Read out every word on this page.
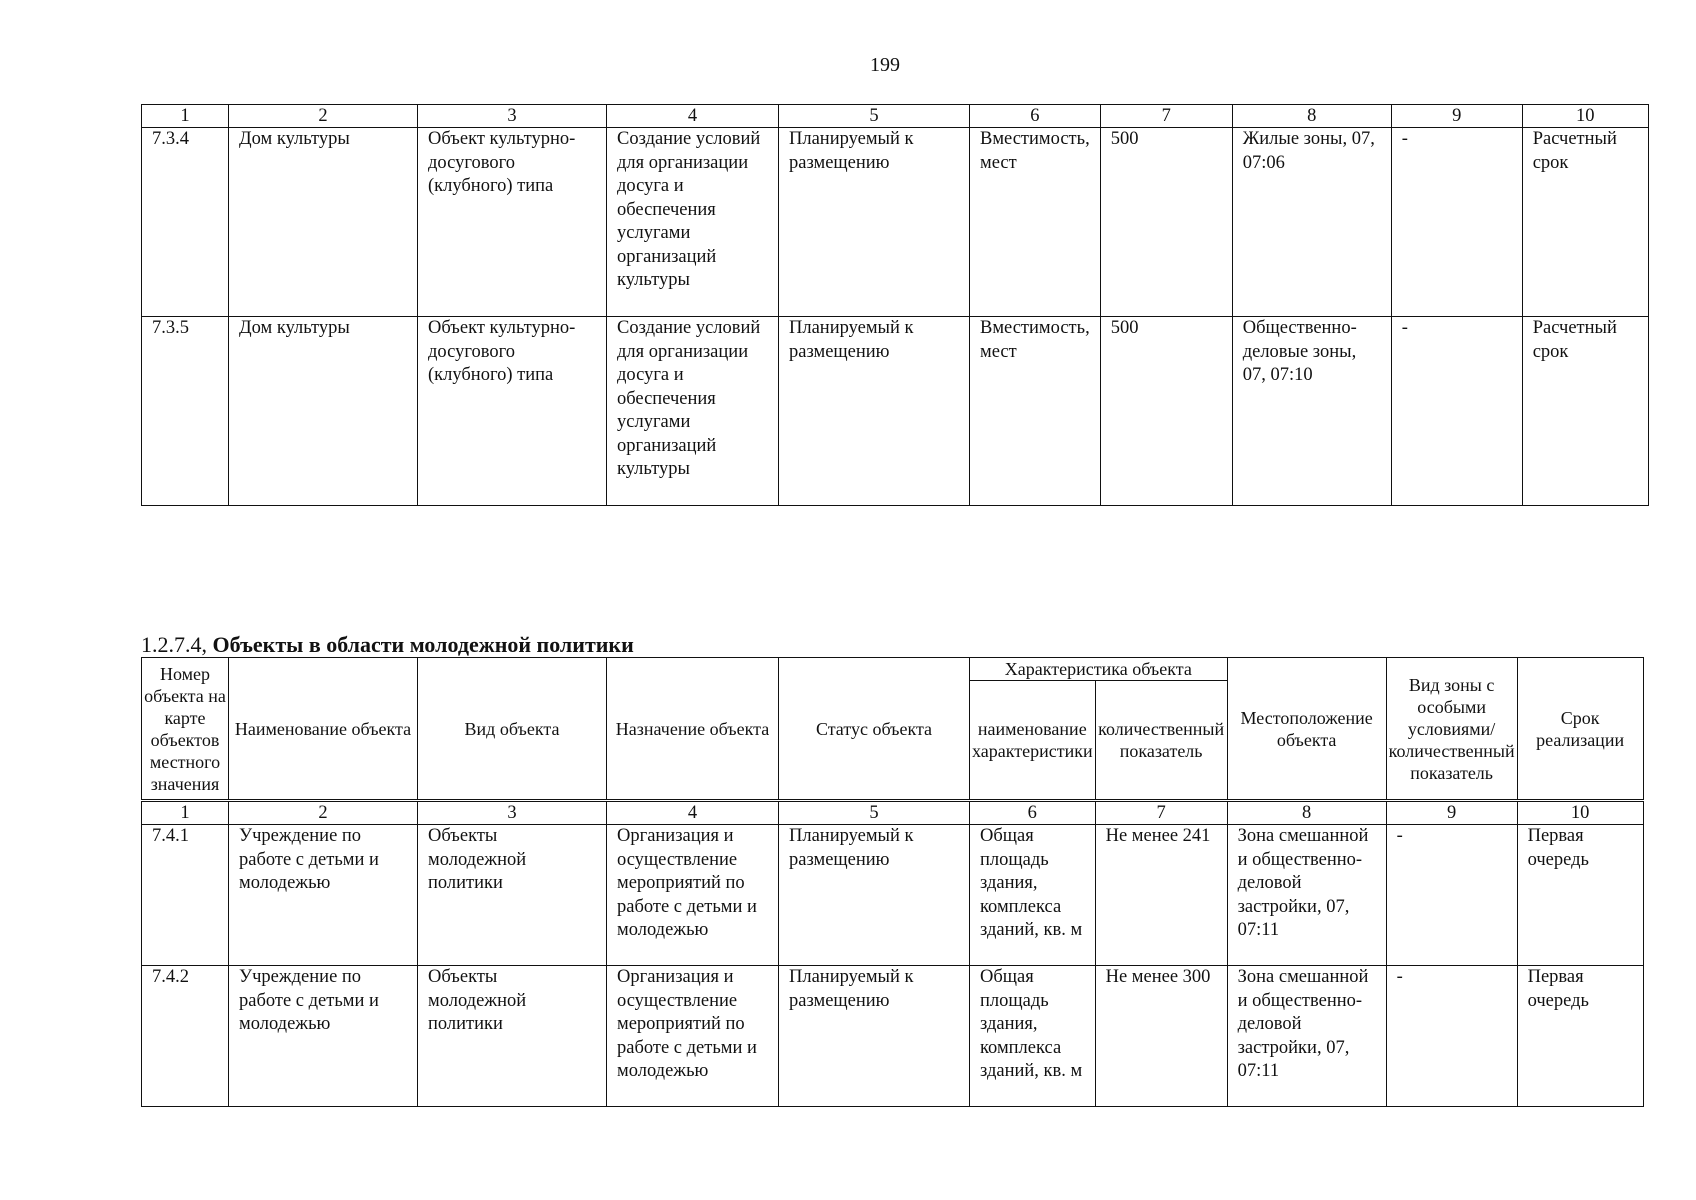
199
1	2	3	4	5	6	7	8	9	10
7.3.4	Дом культуры	Объект культурно-досугового (клубного) типа	Создание условий для организации досуга и обеспечения услугами организаций культуры	Планируемый к размещению	Вместимость, мест	500	Жилые зоны, 07, 07:06	-	Расчетный срок
7.3.5	Дом культуры	Объект культурно-досугового (клубного) типа	Создание условий для организации досуга и обеспечения услугами организаций культуры	Планируемый к размещению	Вместимость, мест	500	Общественно-деловые зоны, 07, 07:10	-	Расчетный срок
1.2.7.4, Объекты в области молодежной политики
Номер объекта на карте объектов местного значения	Наименование объекта	Вид объекта	Назначение объекта	Статус объекта	Характеристика объекта		Местоположение объекта	Вид зоны с особыми условиями/ количественный показатель	Срок реализации
					наименование характеристики	количественный показатель			
1	2	3	4	5	6	7	8	9	10
7.4.1	Учреждение по работе с детьми и молодежью	Объекты молодежной политики	Организация и осуществление мероприятий по работе с детьми и молодежью	Планируемый к размещению	Общая площадь здания, комплекса зданий, кв. м	Не менее 241	Зона смешанной и общественно-деловой застройки, 07, 07:11	-	Первая очередь
7.4.2	Учреждение по работе с детьми и молодежью	Объекты молодежной политики	Организация и осуществление мероприятий по работе с детьми и молодежью	Планируемый к размещению	Общая площадь здания, комплекса зданий, кв. м	Не менее 300	Зона смешанной и общественно-деловой застройки, 07, 07:11	-	Первая очередь
